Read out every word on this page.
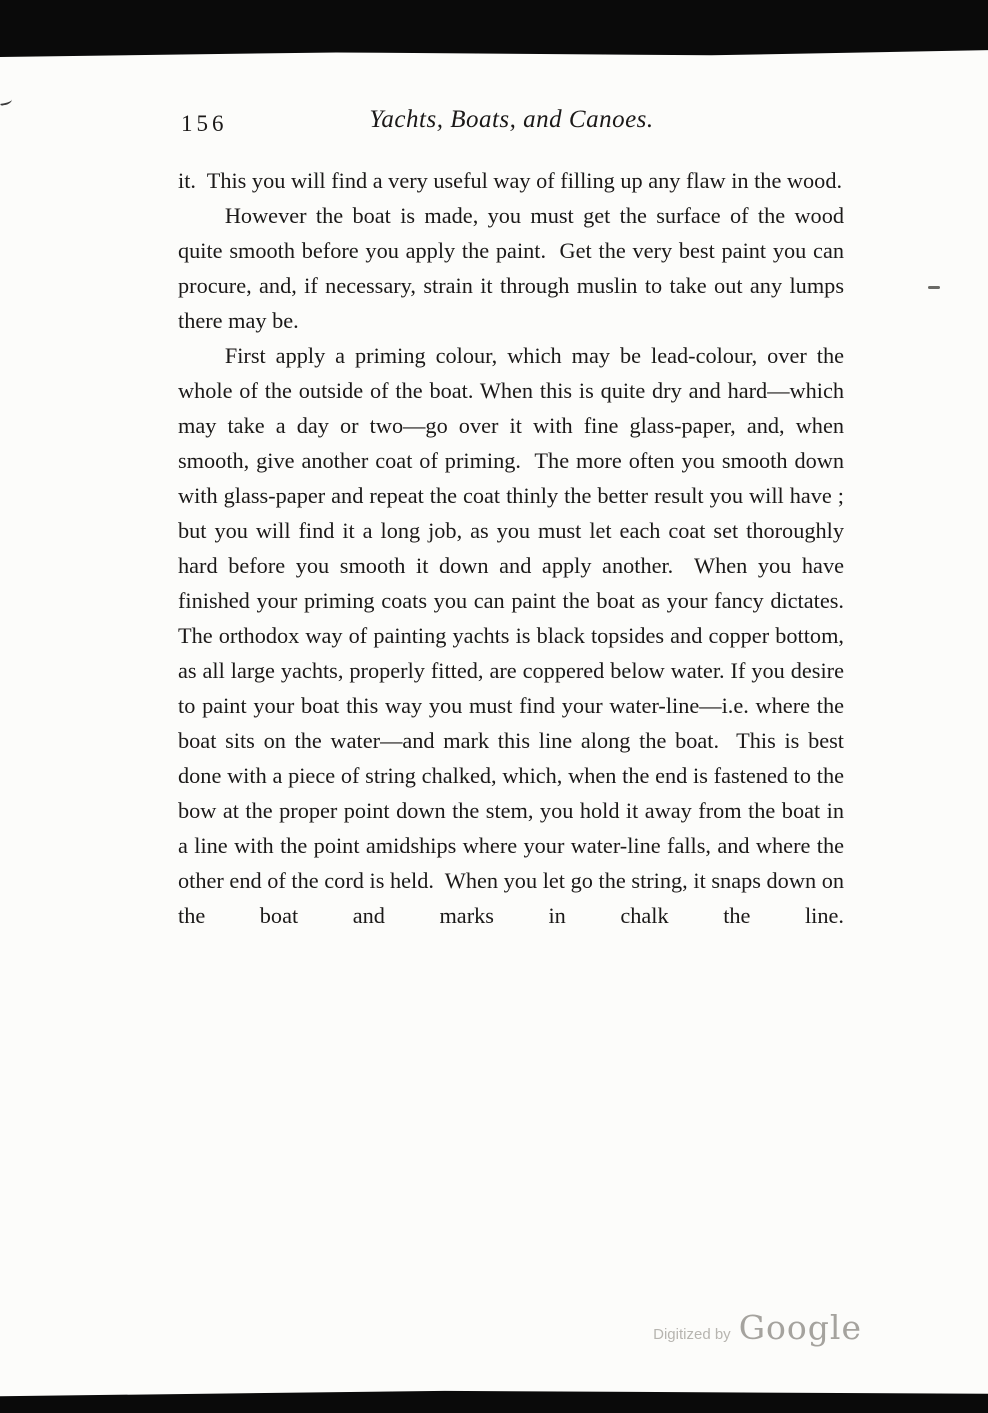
156	Yachts, Boats, and Canoes.

it.  This you will find a very useful way of filling up any flaw in the wood.

However the boat is made, you must get the surface of the wood quite smooth before you apply the paint.  Get the very best paint you can procure, and, if necessary, strain it through muslin to take out any lumps there may be.

First apply a priming colour, which may be lead-colour, over the whole of the outside of the boat. When this is quite dry and hard—which may take a day or two—go over it with fine glass-paper, and, when smooth, give another coat of priming.  The more often you smooth down with glass-paper and repeat the coat thinly the better result you will have ; but you will find it a long job, as you must let each coat set thoroughly hard before you smooth it down and apply another.  When you have finished your priming coats you can paint the boat as your fancy dictates.  The orthodox way of painting yachts is black topsides and copper bottom, as all large yachts, properly fitted, are coppered below water. If you desire to paint your boat this way you must find your water-line—i.e. where the boat sits on the water—and mark this line along the boat.  This is best done with a piece of string chalked, which, when the end is fastened to the bow at the proper point down the stem, you hold it away from the boat in a line with the point amidships where your water-line falls, and where the other end of the cord is held.  When you let go the string, it snaps down on the boat and marks in chalk the line.

Digitized by Google
